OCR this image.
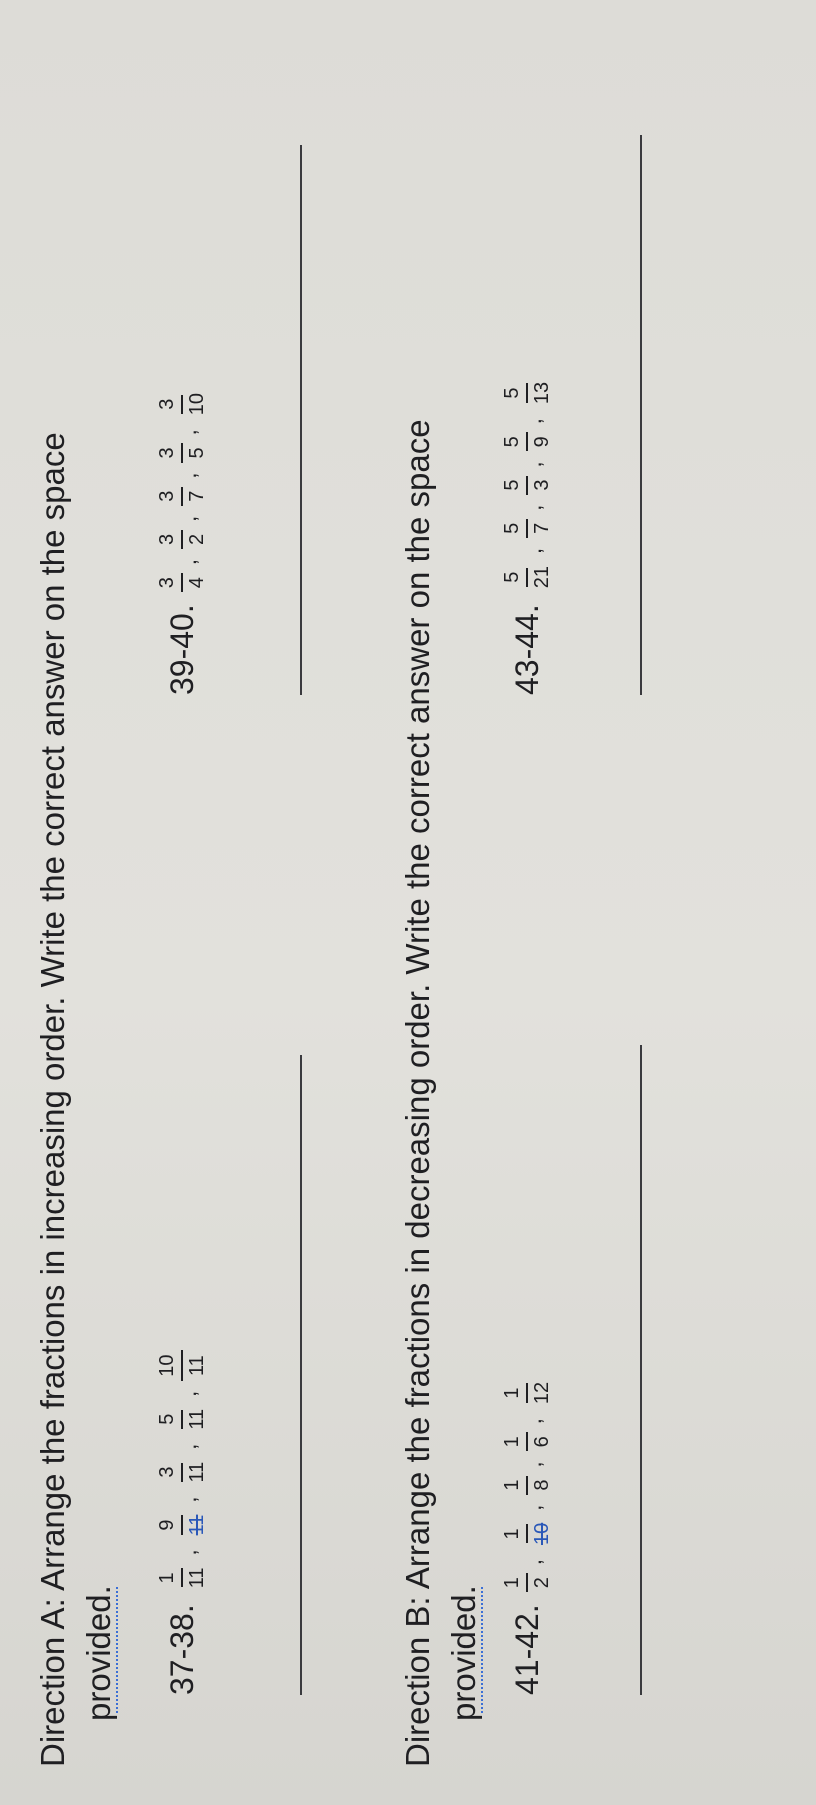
Direction A: Arrange the fractions in increasing order. Write the correct answer on the space provided. 37-38.
1 11
,
9 11
,
3 11
,
5 11
,
10 11
39-40.
3 4
,
3 2
,
3 7
,
3 5
,
3 10
Direction B: Arrange the fractions in decreasing order. Write the correct answer on the space provided. 41-42.
1 2
,
1 10
,
1 8
,
1 6
,
1 12
43-44.
5 21
,
5 7
,
5 3
,
5 9
,
5 13
